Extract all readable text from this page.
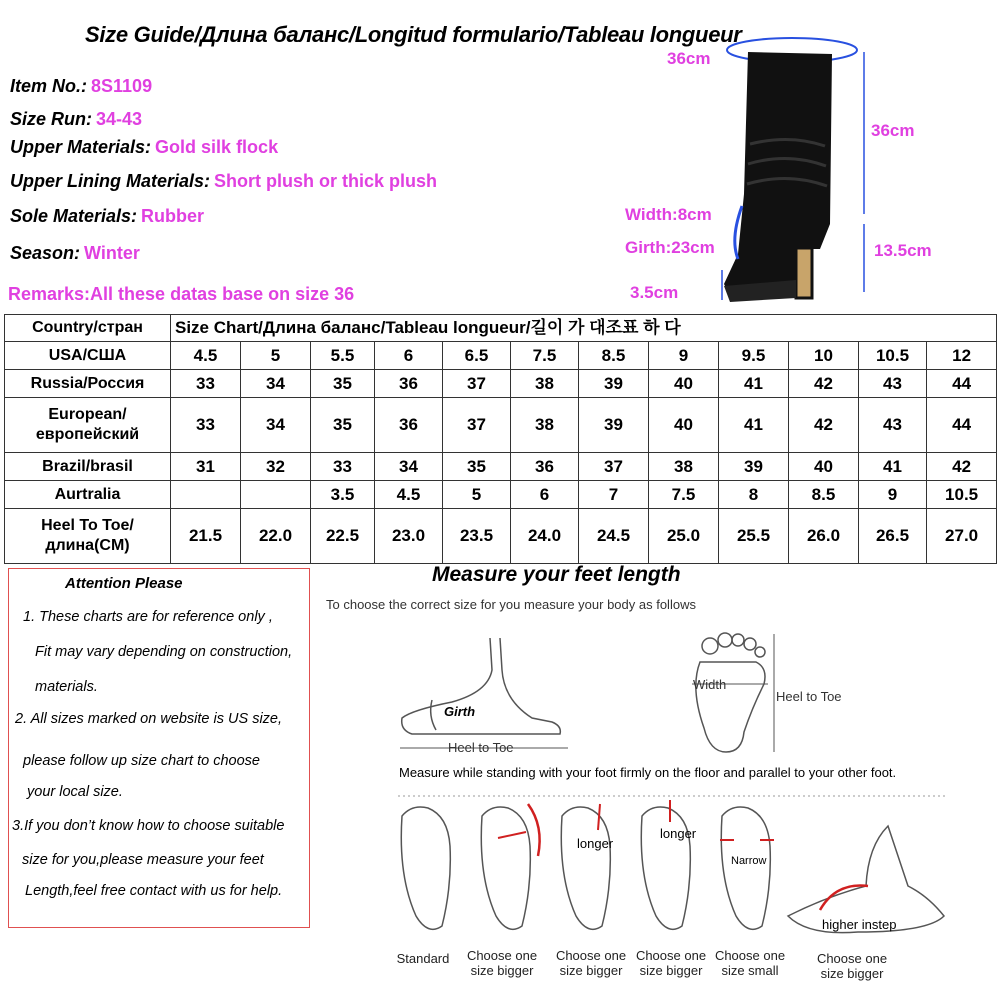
Size Guide/Длина баланс/Longitud formulario/Tableau longueur
Item No.: 8S1109
Size Run: 34-43
Upper Materials: Gold silk flock
Upper Lining Materials: Short plush or thick plush
Sole Materials: Rubber
Season: Winter
Remarks:All these datas base on size 36
36cm
36cm
Width:8cm
Girth:23cm	13.5cm
3.5cm
Country/стран	Size Chart/Длина баланс/Tableau longueur/길이 가 대조표 하 다											
USA/США	4.5	5	5.5	6	6.5	7.5	8.5	9	9.5	10	10.5	12
Russia/Россия	33	34	35	36	37	38	39	40	41	42	43	44
European/европейский	33	34	35	36	37	38	39	40	41	42	43	44
Brazil/brasil	31	32	33	34	35	36	37	38	39	40	41	42
Aurtralia			3.5	4.5	5	6	7	7.5	8	8.5	9	10.5
Heel To Toe/длина(CM)	21.5	22.0	22.5	23.0	23.5	24.0	24.5	25.0	25.5	26.0	26.5	27.0
Attention Please
1. These charts are for reference only ,
Fit may vary depending on construction,
materials.
2. All sizes marked on website is US size,
please follow up size chart to choose
your local size.
3.If you don’t know how to choose suitable
size for you,please measure your feet
Length,feel free contact with us for help.
Measure your feet length
To choose the correct size for you measure your body as follows
Girth
Heel to Toe
Width
Heel to Toe
Measure while standing with your foot firmly on the floor and parallel to your other foot.
longer
longer
Narrow
higher instep
Standard Choose one size bigger
Choose one size bigger
Choose one size bigger
Choose one size small
Choose one size bigger
